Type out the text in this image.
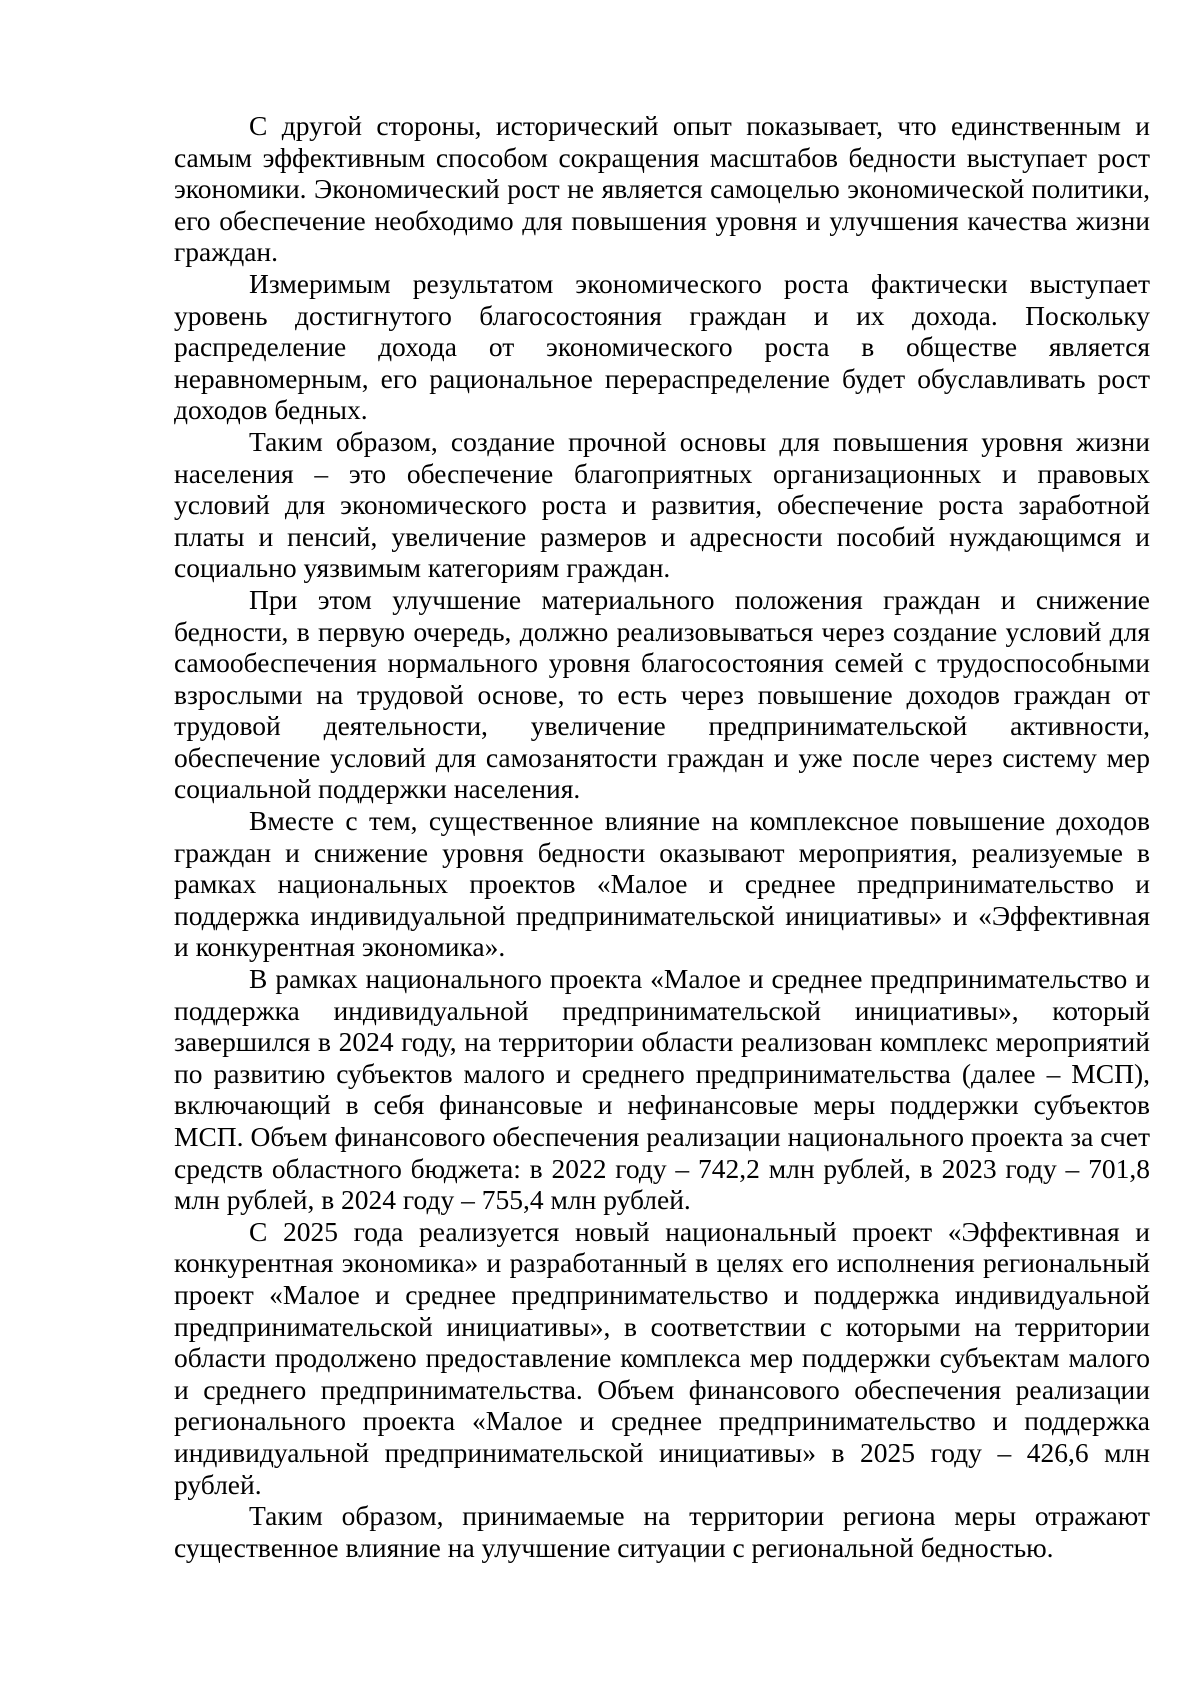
С другой стороны, исторический опыт показывает, что единственным и самым эффективным способом сокращения масштабов бедности выступает рост экономики. Экономический рост не является самоцелью экономической политики, его обеспечение необходимо для повышения уровня и улучшения качества жизни граждан.

Измеримым результатом экономического роста фактически выступает уровень достигнутого благосостояния граждан и их дохода. Поскольку распределение дохода от экономического роста в обществе является неравномерным, его рациональное перераспределение будет обуславливать рост доходов бедных.

Таким образом, создание прочной основы для повышения уровня жизни населения – это обеспечение благоприятных организационных и правовых условий для экономического роста и развития, обеспечение роста заработной платы и пенсий, увеличение размеров и адресности пособий нуждающимся и социально уязвимым категориям граждан.

При этом улучшение материального положения граждан и снижение бедности, в первую очередь, должно реализовываться через создание условий для самообеспечения нормального уровня благосостояния семей с трудоспособными взрослыми на трудовой основе, то есть через повышение доходов граждан от трудовой деятельности, увеличение предпринимательской активности, обеспечение условий для самозанятости граждан и уже после через систему мер социальной поддержки населения.

Вместе с тем, существенное влияние на комплексное повышение доходов граждан и снижение уровня бедности оказывают мероприятия, реализуемые в рамках национальных проектов «Малое и среднее предпринимательство и поддержка индивидуальной предпринимательской инициативы» и «Эффективная и конкурентная экономика».

В рамках национального проекта «Малое и среднее предпринимательство и поддержка индивидуальной предпринимательской инициативы», который завершился в 2024 году, на территории области реализован комплекс мероприятий по развитию субъектов малого и среднего предпринимательства (далее – МСП), включающий в себя финансовые и нефинансовые меры поддержки субъектов МСП. Объем финансового обеспечения реализации национального проекта за счет средств областного бюджета: в 2022 году – 742,2 млн рублей, в 2023 году – 701,8 млн рублей, в 2024 году – 755,4 млн рублей.

С 2025 года реализуется новый национальный проект «Эффективная и конкурентная экономика» и разработанный в целях его исполнения региональный проект «Малое и среднее предпринимательство и поддержка индивидуальной предпринимательской инициативы», в соответствии с которыми на территории области продолжено предоставление комплекса мер поддержки субъектам малого и среднего предпринимательства. Объем финансового обеспечения реализации регионального проекта «Малое и среднее предпринимательство и поддержка индивидуальной предпринимательской инициативы» в 2025 году – 426,6 млн рублей.

Таким образом, принимаемые на территории региона меры отражают существенное влияние на улучшение ситуации с региональной бедностью.
